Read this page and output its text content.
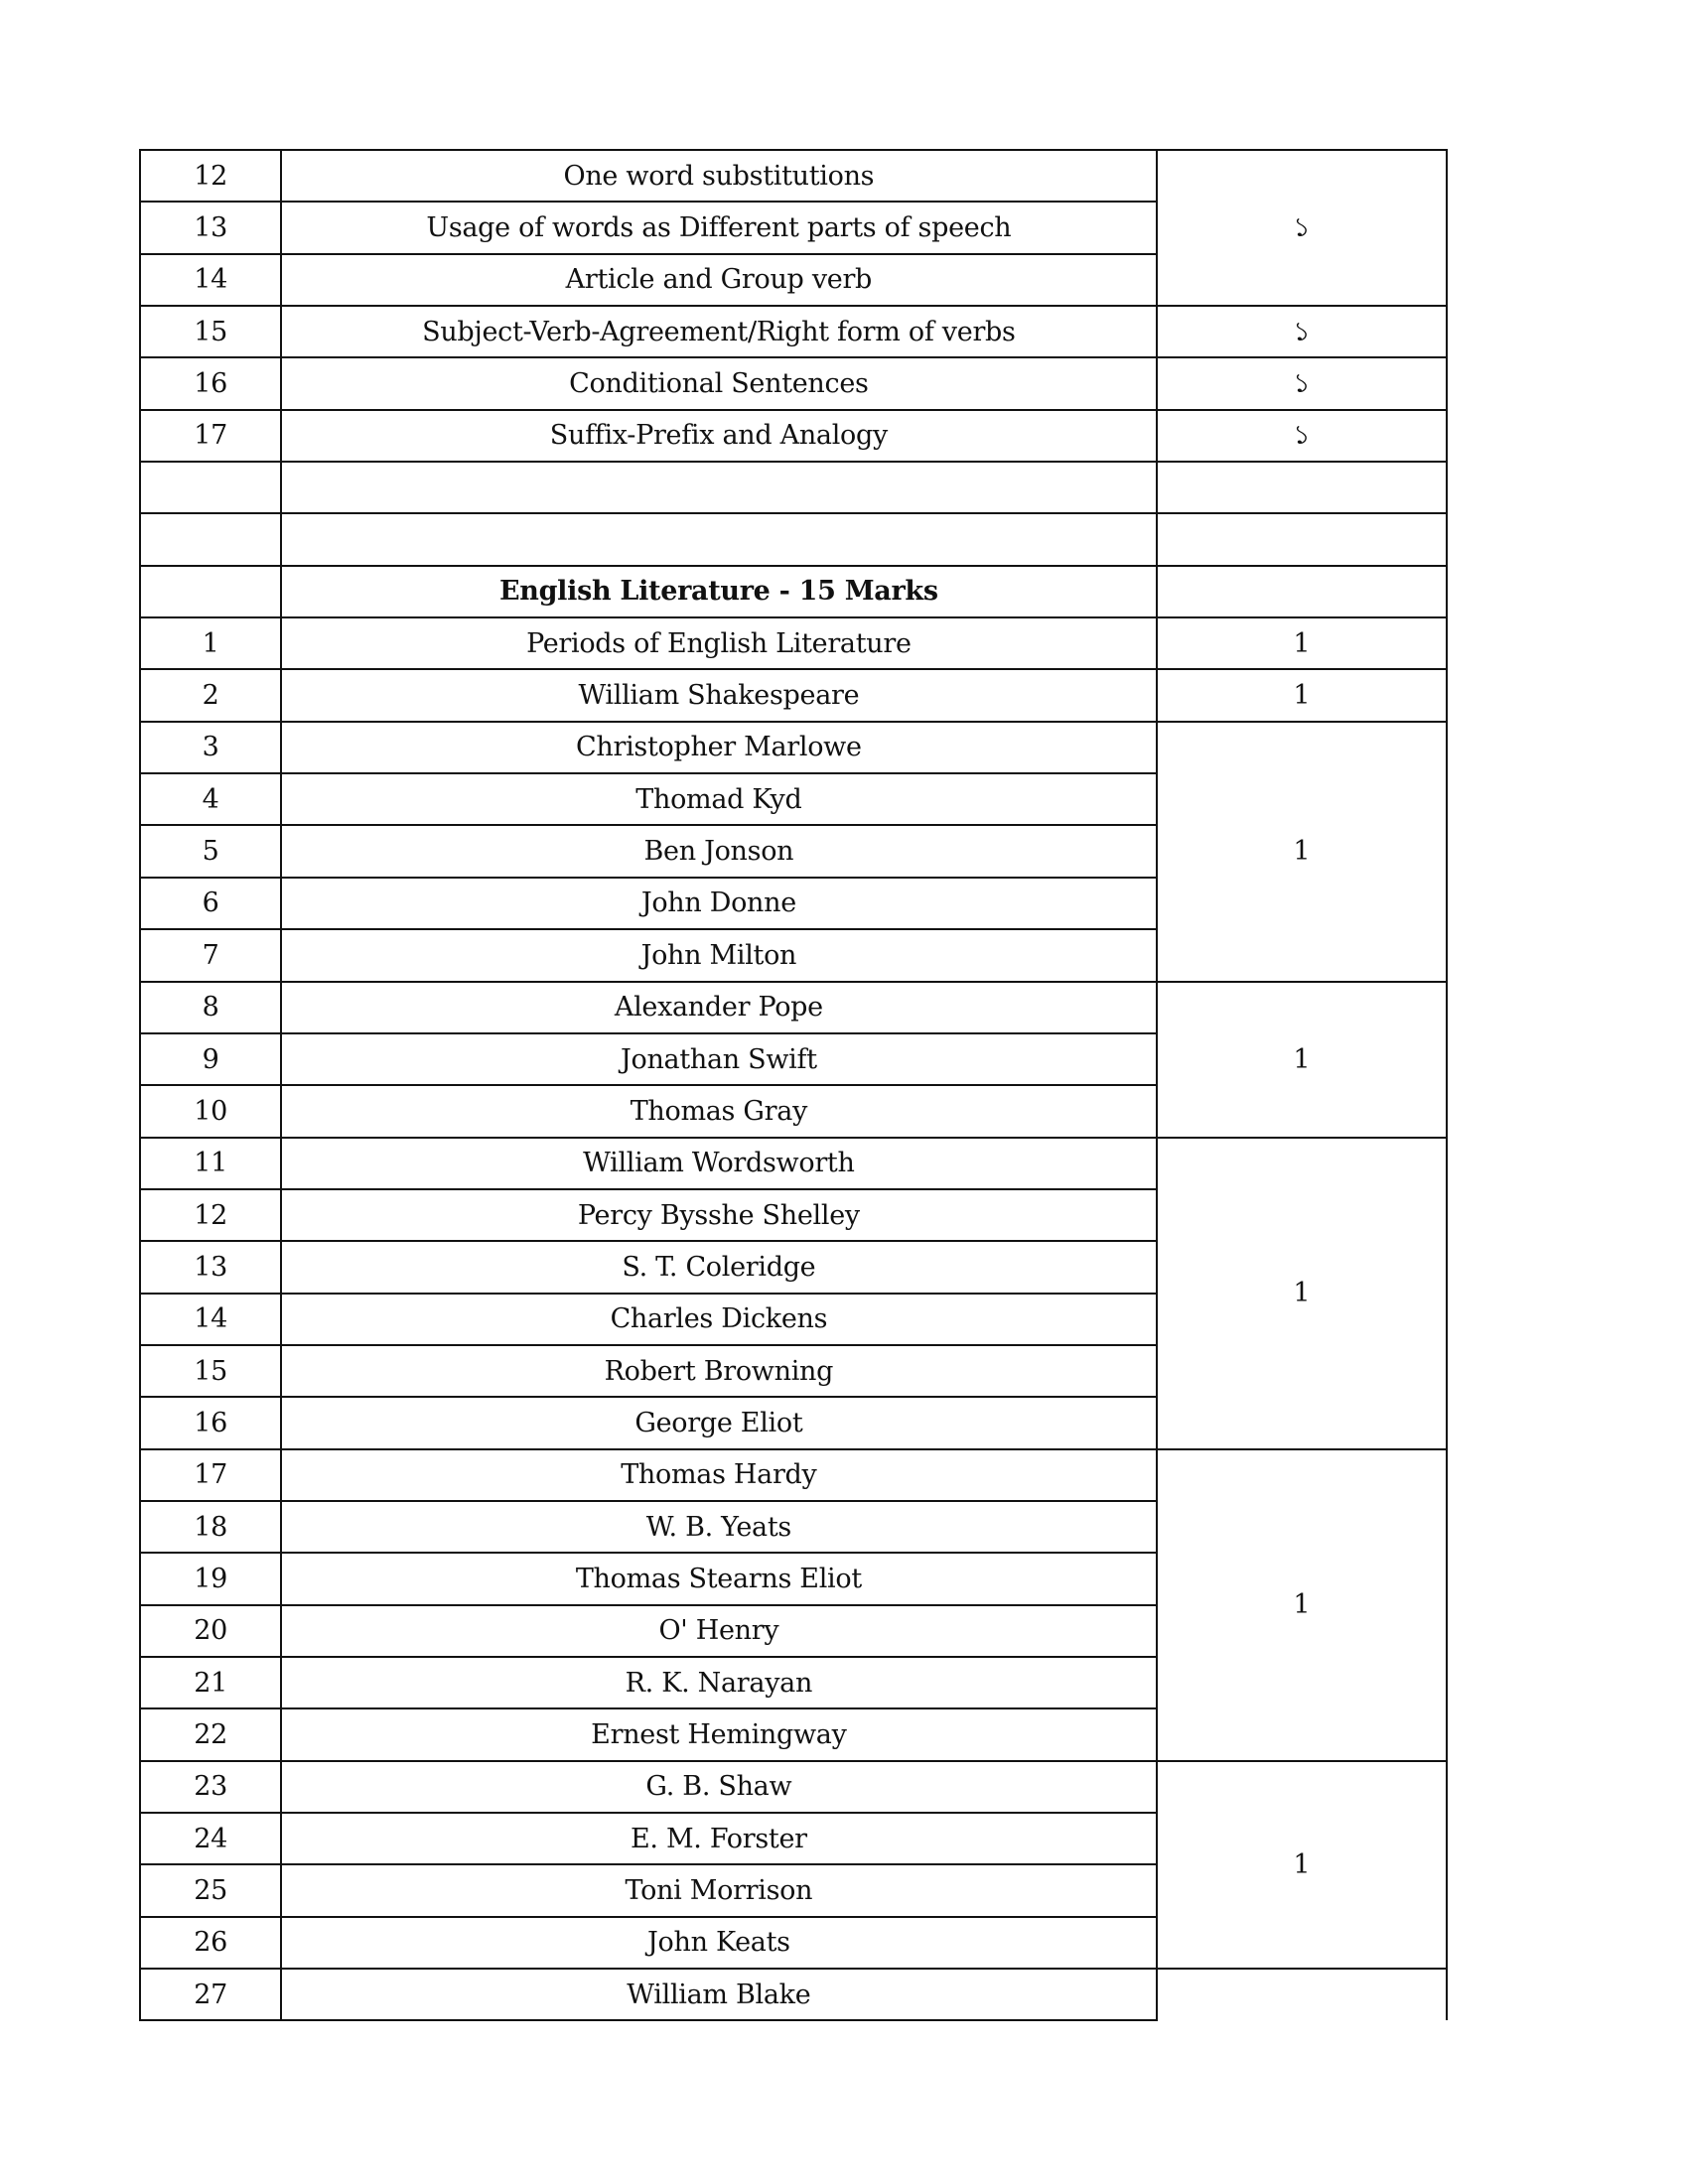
12	One word substitutions	১
13	Usage of words as Different parts of speech	
14	Article and Group verb	
15	Subject-Verb-Agreement/Right form of verbs	১
16	Conditional Sentences	১
17	Suffix-Prefix and Analogy	১

	English Literature - 15 Marks	
1	Periods of English Literature	1
2	William Shakespeare	1
3	Christopher Marlowe	1
4	Thomad Kyd	
5	Ben Jonson	
6	John Donne	
7	John Milton	
8	Alexander Pope	1
9	Jonathan Swift	
10	Thomas Gray	
11	William Wordsworth	1
12	Percy Bysshe Shelley	
13	S. T. Coleridge	
14	Charles Dickens	
15	Robert Browning	
16	George Eliot	
17	Thomas Hardy	1
18	W. B. Yeats	
19	Thomas Stearns Eliot	
20	O' Henry	
21	R. K. Narayan	
22	Ernest Hemingway	
23	G. B. Shaw	1
24	E. M. Forster	
25	Toni Morrison	
26	John Keats	
27	William Blake	
